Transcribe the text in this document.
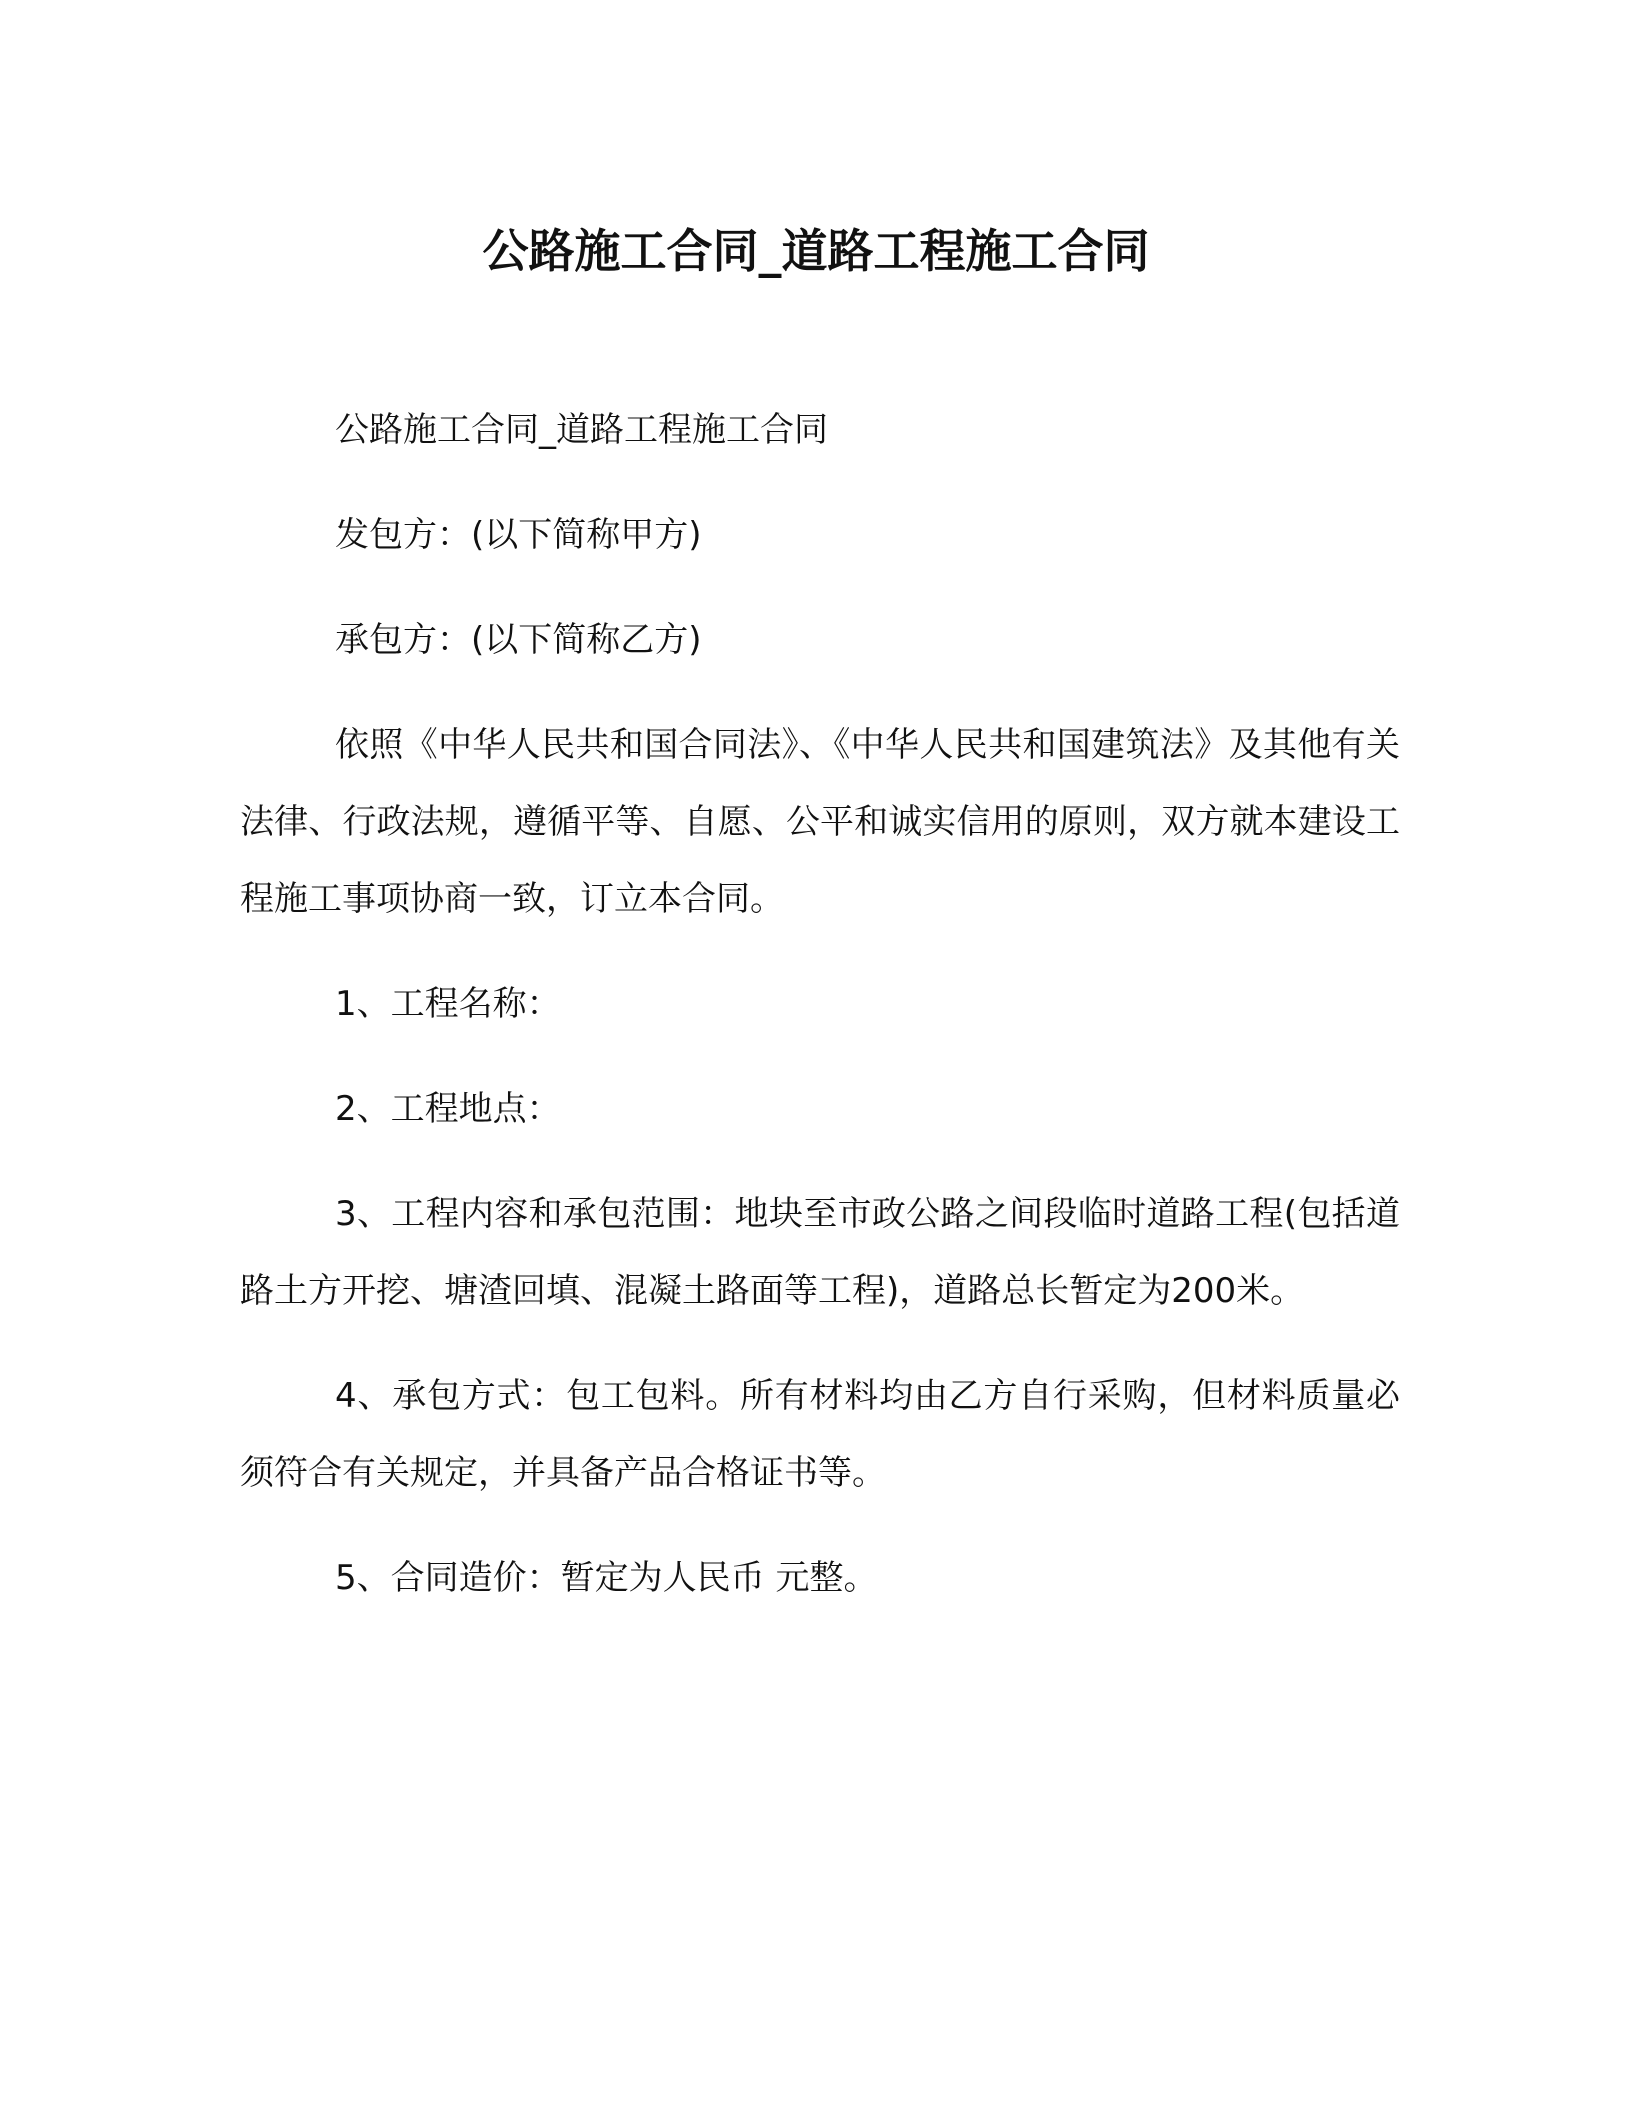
公路施工合同_道路工程施工合同

公路施工合同_道路工程施工合同

发包方：(以下简称甲方)

承包方：(以下简称乙方)

依照《中华人民共和国合同法》、《中华人民共和国建筑法》及其他有关法律、行政法规，遵循平等、自愿、公平和诚实信用的原则，双方就本建设工程施工事项协商一致，订立本合同。

1、工程名称：

2、工程地点：

3、工程内容和承包范围：地块至市政公路之间段临时道路工程(包括道路土方开挖、塘渣回填、混凝土路面等工程)，道路总长暂定为200米。

4、承包方式：包工包料。所有材料均由乙方自行采购，但材料质量必须符合有关规定，并具备产品合格证书等。

5、合同造价：暂定为人民币 元整。
